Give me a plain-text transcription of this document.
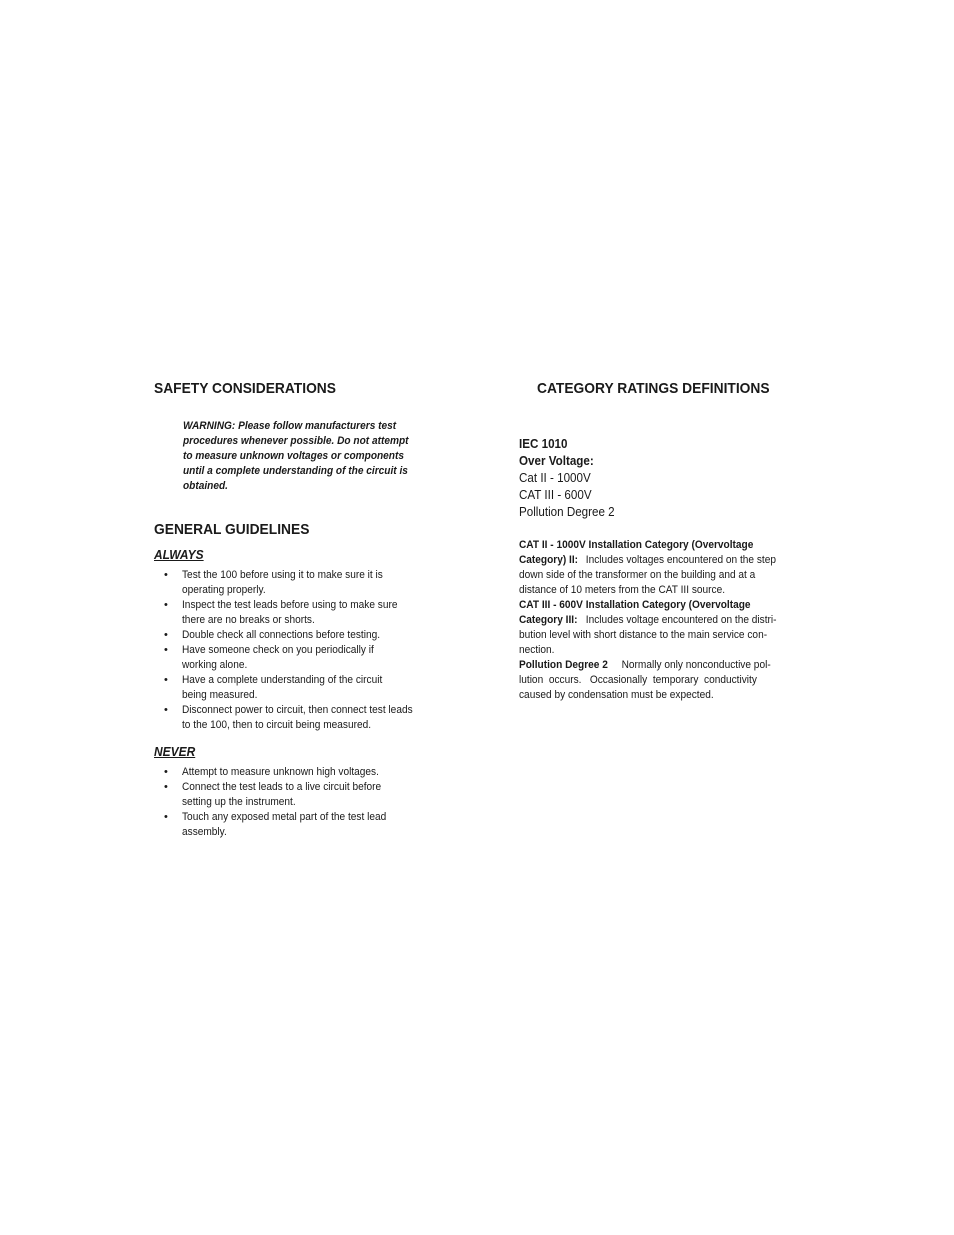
SAFETY CONSIDERATIONS
WARNING: Please follow manufacturers test
procedures whenever possible. Do not attempt
to measure unknown voltages or components
until a complete understanding of the circuit is
obtained.
GENERAL GUIDELINES
ALWAYS
• Test the 100 before using it to make sure it is
operating properly.
• Inspect the test leads before using to make sure
there are no breaks or shorts.
• Double check all connections before testing.
• Have someone check on you periodically if
working alone.
• Have a complete understanding of the circuit
being measured.
• Disconnect power to circuit, then connect test leads
to the 100, then to circuit being measured.
NEVER
• Attempt to measure unknown high voltages.
• Connect the test leads to a live circuit before
setting up the instrument.
• Touch any exposed metal part of the test lead
assembly.
CATEGORY RATINGS DEFINITIONS
IEC 1010
Over Voltage:
Cat II - 1000V
CAT III - 600V
Pollution Degree 2
CAT II - 1000V Installation Category (Overvoltage
Category) II: Includes voltages encountered on the step
down side of the transformer on the building and at a
distance of 10 meters from the CAT III source.
CAT III - 600V Installation Category (Overvoltage
Category III: Includes voltage encountered on the distri-
bution level with short distance to the main service con-
nection.
Pollution Degree 2 Normally only nonconductive pol-
lution  occurs.   Occasionally  temporary  conductivity
caused by condensation must be expected.
